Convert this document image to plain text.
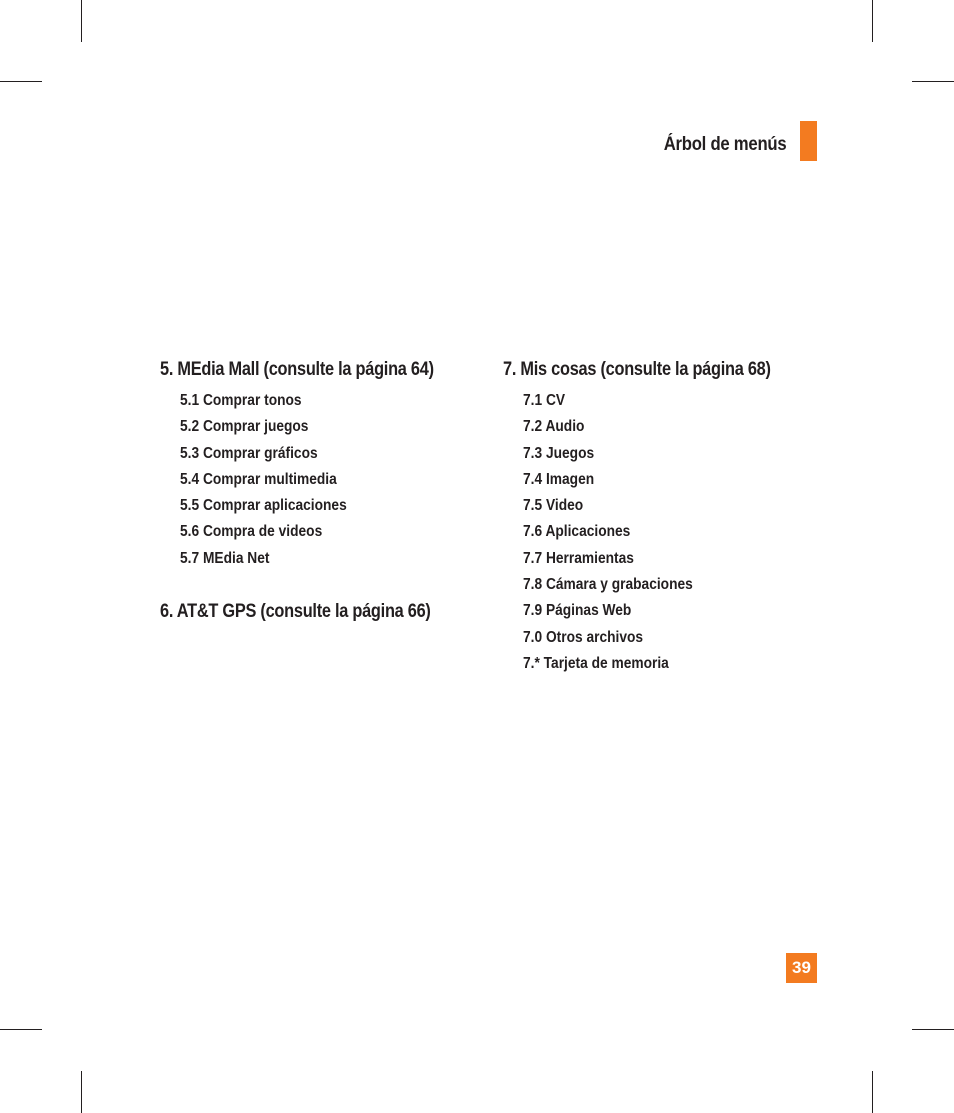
Árbol de menús
5. MEdia Mall (consulte la página 64)
5.1 Comprar tonos
5.2 Comprar juegos
5.3 Comprar gráficos
5.4 Comprar multimedia
5.5 Comprar aplicaciones
5.6 Compra de videos
5.7 MEdia Net
6. AT&T GPS (consulte la página 66)
7. Mis cosas (consulte la página 68)
7.1 CV
7.2 Audio
7.3 Juegos
7.4 Imagen
7.5 Video
7.6 Aplicaciones
7.7 Herramientas
7.8 Cámara y grabaciones
7.9 Páginas Web
7.0 Otros archivos
7.* Tarjeta de memoria
39
